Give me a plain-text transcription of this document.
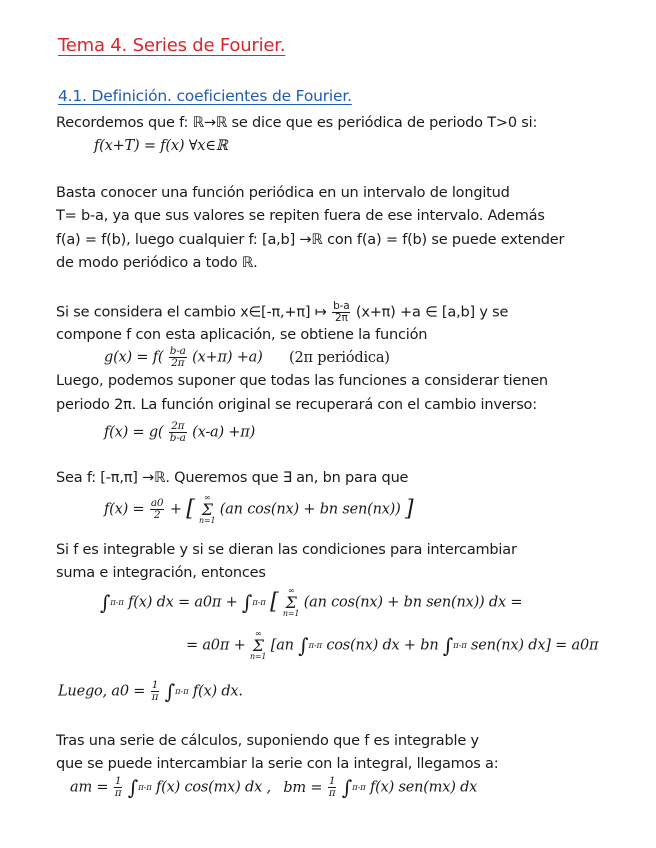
Tema 4. Series de Fourier.
4.1. Definición. coeficientes de Fourier.
Recordemos que f: ℝ→ℝ se dice que es periódica de periodo T>0 si:
f(x+T) = f(x) ∀x∈ℝ
Basta conocer una función periódica en un intervalo de longitud
T= b-a, ya que sus valores se repiten fuera de ese intervalo. Además
f(a) = f(b), luego cualquier f: [a,b] →ℝ con f(a) = f(b) se puede extender
de modo periódico a todo ℝ.
Si se considera el cambio x∈[-π,+π] ↦ $\frac{b-a}{2\pi} (x+\pi) +a$ ∈ [a,b] y se
compone f con esta aplicación, se obtiene la función
$g(x) = f( \frac{b-a}{2\pi} (x+\pi) +a)$ (2π periódica)
Luego, podemos suponer que todas las funciones a considerar tienen
periodo 2π. La función original se recuperará con el cambio inverso:
$f(x) = g( \frac{2\pi}{b-a} (x-a) +\pi)$
Sea f: [-π,π] →ℝ. Queremos que ∃ an, bn para que
$f(x) = \frac{a0}{2}$ + [ ∞
Σ
n=1 (an cos(nx) + bn sen(nx)) ]
Si f es integrable y si se dieran las condiciones para intercambiar
suma e integración, entonces
∫π-π f(x) dx = a0π + ∫π-π [ ∞
Σ
n=1 (an cos(nx) + bn sen(nx)) dx =
= a0π + ∞
Σ
n=1 [an ∫π-π cos(nx) dx + bn ∫π-π sen(nx) dx] = a0π
Luego, $a0 = \frac{1}{\pi} \int\pi-\pi$ f(x) dx.
Tras una serie de cálculos, suponiendo que f es integrable y
que se puede intercambiar la serie con la integral, llegamos a:
am = $\frac{1}{\pi} \int\pi-\pi$ f(x) cos(mx) dx , bm = $\frac{1}{\pi} \int\pi-\pi$ f(x) sen(mx) dx
